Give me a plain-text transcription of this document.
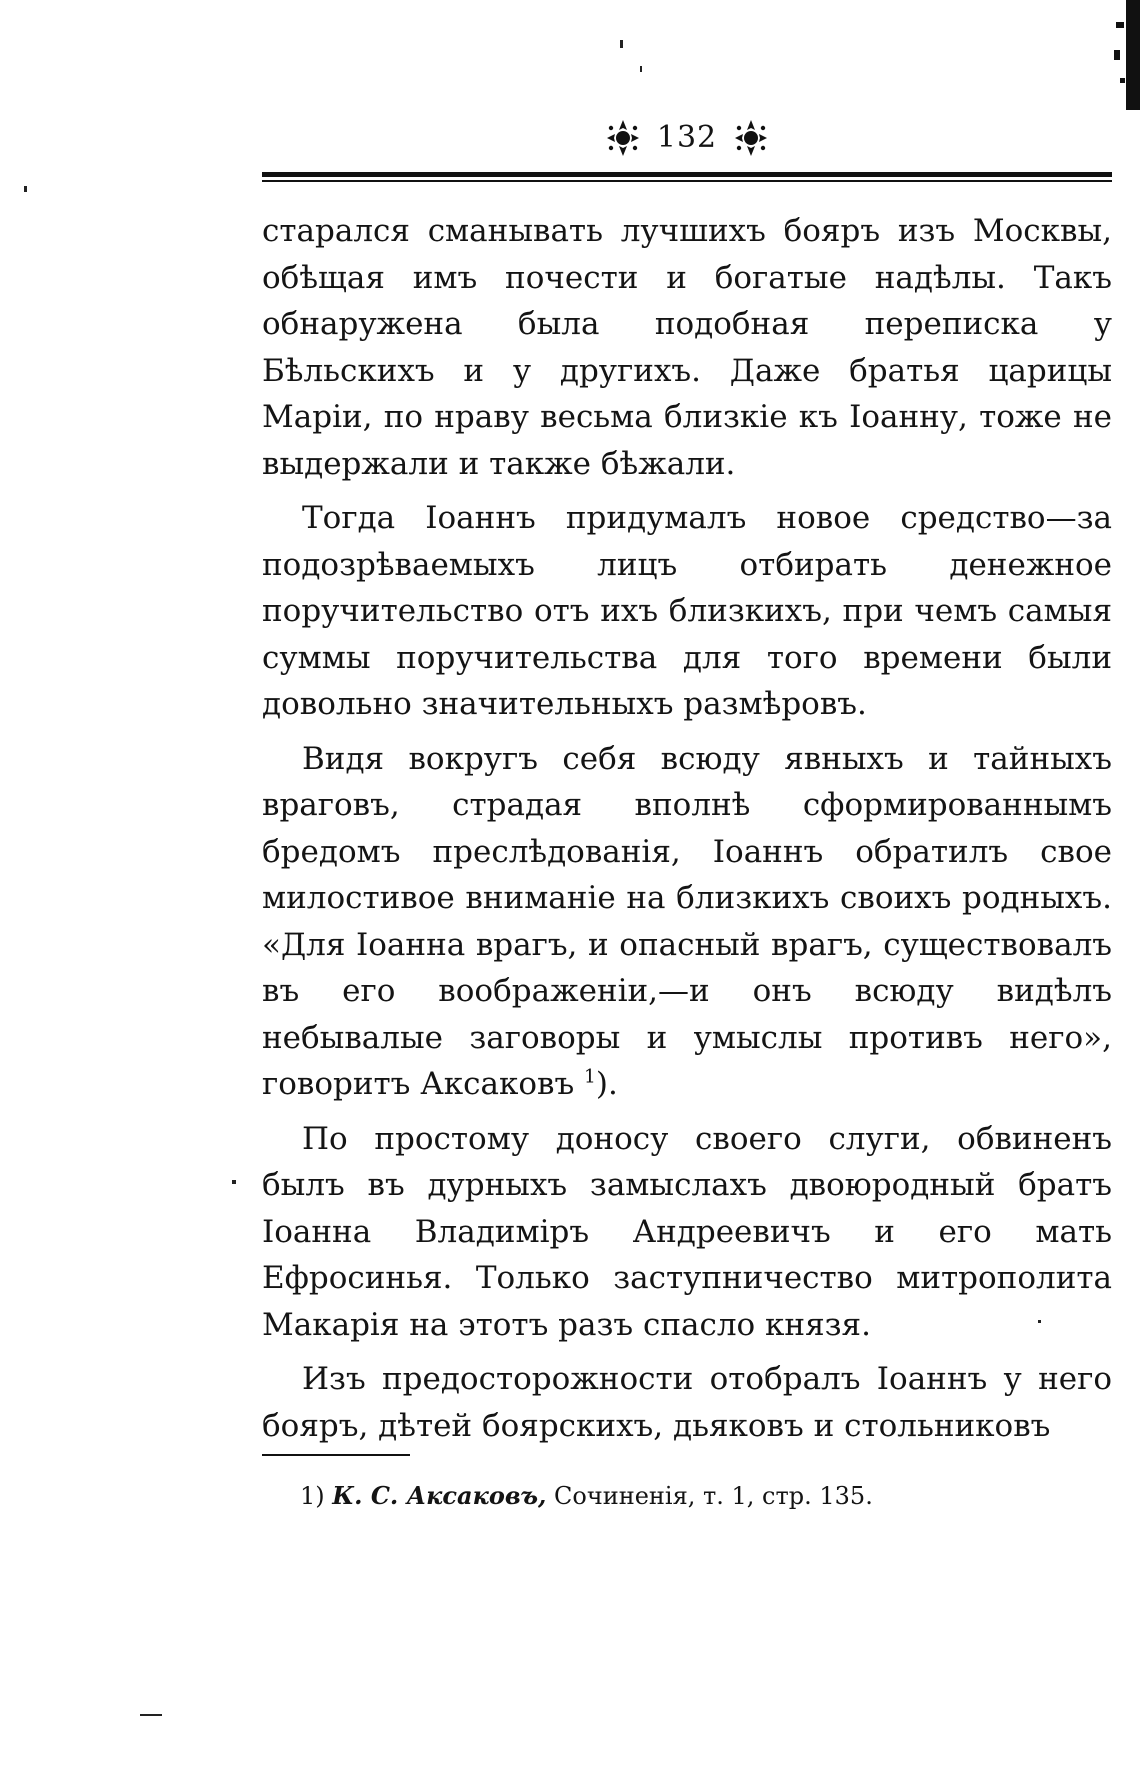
132

старался сманывать лучшихъ бояръ изъ Москвы, обѣщая имъ почести и богатые надѣлы. Такъ обнаружена была подобная переписка у Бѣльскихъ и у другихъ. Даже братья царицы Маріи, по нраву весьма близкіе къ Іоанну, тоже не выдержали и также бѣжали.

Тогда Іоаннъ придумалъ новое средство—за подозрѣваемыхъ лицъ отбирать денежное поручительство отъ ихъ близкихъ, при чемъ самыя суммы поручительства для того времени были довольно значительныхъ размѣровъ.

Видя вокругъ себя всюду явныхъ и тайныхъ враговъ, страдая вполнѣ сформированнымъ бредомъ преслѣдованія, Іоаннъ обратилъ свое милостивое вниманіе на близкихъ своихъ родныхъ. «Для Іоанна врагъ, и опасный врагъ, существовалъ въ его воображеніи,—и онъ всюду видѣлъ небывалые заговоры и умыслы противъ него», говоритъ Аксаковъ $^1$).

По простому доносу своего слуги, обвиненъ былъ въ дурныхъ замыслахъ двоюродный братъ Іоанна Владиміръ Андреевичъ и его мать Ефросинья. Только заступничество митрополита Макарія на этотъ разъ спасло князя.

Изъ предосторожности отобралъ Іоаннъ у него бояръ, дѣтей боярскихъ, дьяковъ и стольниковъ

1) К. С. Аксаковъ, Сочиненія, т. 1, стр. 135.
